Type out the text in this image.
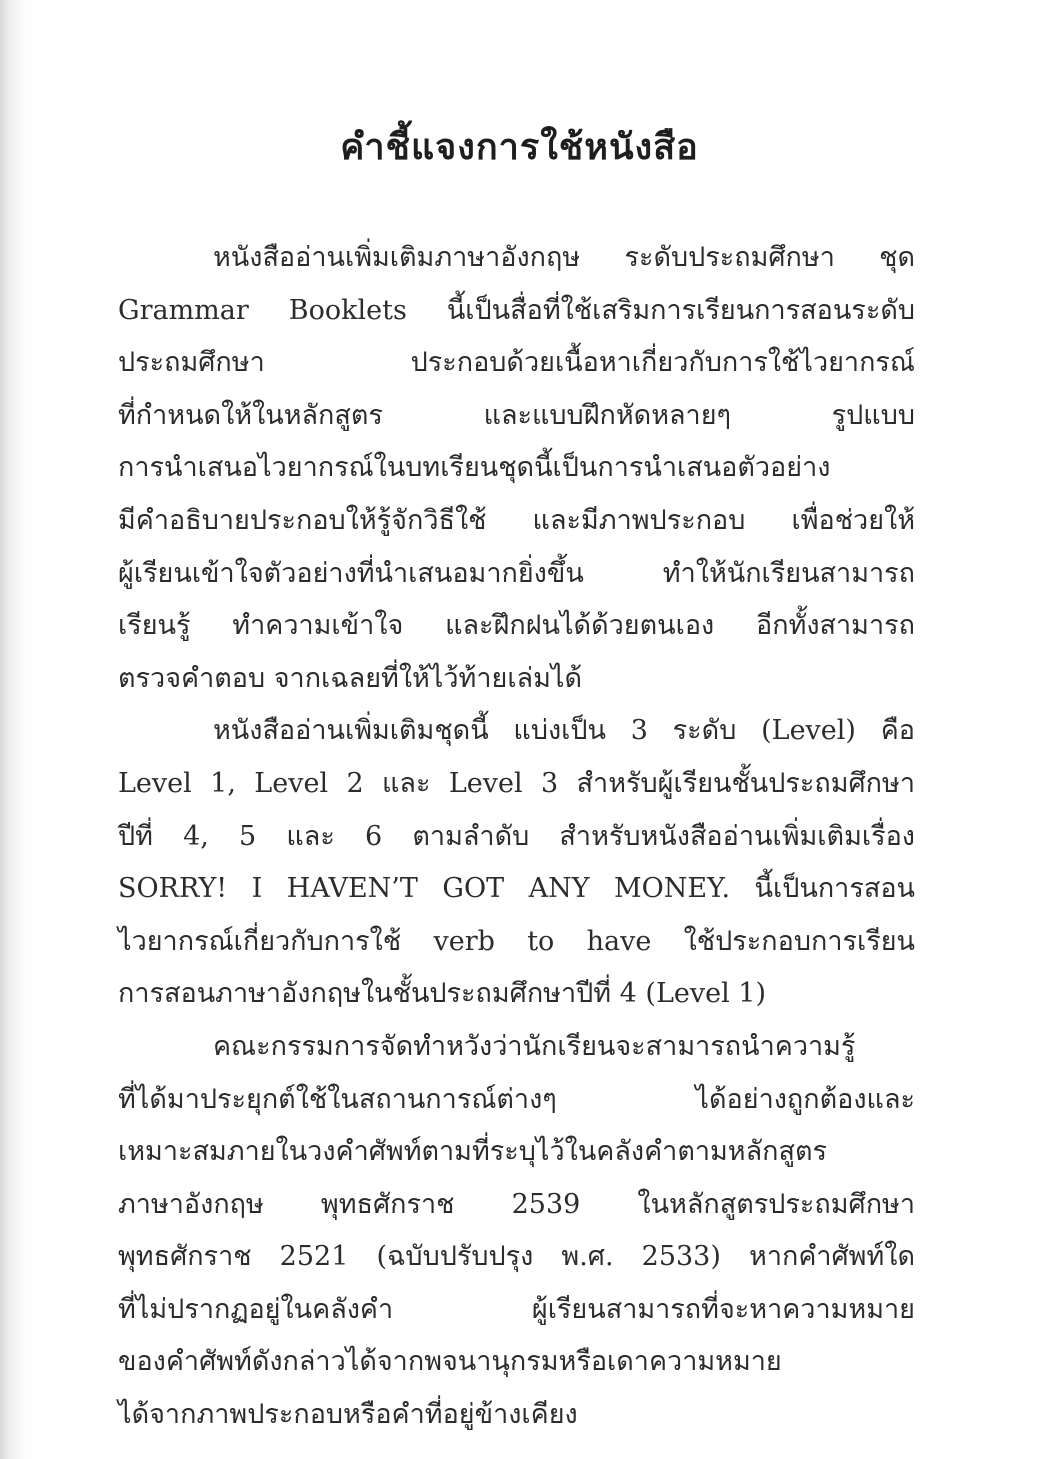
คำชี้แจงการใช้หนังสือ
หนังสืออ่านเพิ่มเติมภาษาอังกฤษ ระดับประถมศึกษา ชุด
Grammar Booklets นี้เป็นสื่อที่ใช้เสริมการเรียนการสอนระดับ
ประถมศึกษา ประกอบด้วยเนื้อหาเกี่ยวกับการใช้ไวยากรณ์
ที่กำหนดให้ในหลักสูตร และแบบฝึกหัดหลายๆ รูปแบบ
การนำเสนอไวยากรณ์ในบทเรียนชุดนี้เป็นการนำเสนอตัวอย่าง
มีคำอธิบายประกอบให้รู้จักวิธีใช้ และมีภาพประกอบ เพื่อช่วยให้
ผู้เรียนเข้าใจตัวอย่างที่นำเสนอมากยิ่งขึ้น ทำให้นักเรียนสามารถ
เรียนรู้ ทำความเข้าใจ และฝึกฝนได้ด้วยตนเอง อีกทั้งสามารถ
ตรวจคำตอบ จากเฉลยที่ให้ไว้ท้ายเล่มได้
หนังสืออ่านเพิ่มเติมชุดนี้ แบ่งเป็น 3 ระดับ (Level) คือ
Level 1, Level 2 และ Level 3 สำหรับผู้เรียนชั้นประถมศึกษา
ปีที่ 4, 5 และ 6 ตามลำดับ สำหรับหนังสืออ่านเพิ่มเติมเรื่อง
SORRY! I HAVEN’T GOT ANY MONEY. นี้เป็นการสอน
ไวยากรณ์เกี่ยวกับการใช้ verb to have ใช้ประกอบการเรียน
การสอนภาษาอังกฤษในชั้นประถมศึกษาปีที่ 4 (Level 1)
คณะกรรมการจัดทำหวังว่านักเรียนจะสามารถนำความรู้
ที่ได้มาประยุกต์ใช้ในสถานการณ์ต่างๆ ได้อย่างถูกต้องและ
เหมาะสมภายในวงคำศัพท์ตามที่ระบุไว้ในคลังคำตามหลักสูตร
ภาษาอังกฤษ พุทธศักราช 2539 ในหลักสูตรประถมศึกษา
พุทธศักราช 2521 (ฉบับปรับปรุง พ.ศ. 2533) หากคำศัพท์ใด
ที่ไม่ปรากฏอยู่ในคลังคำ ผู้เรียนสามารถที่จะหาความหมาย
ของคำศัพท์ดังกล่าวได้จากพจนานุกรมหรือเดาความหมาย
ได้จากภาพประกอบหรือคำที่อยู่ข้างเคียง
